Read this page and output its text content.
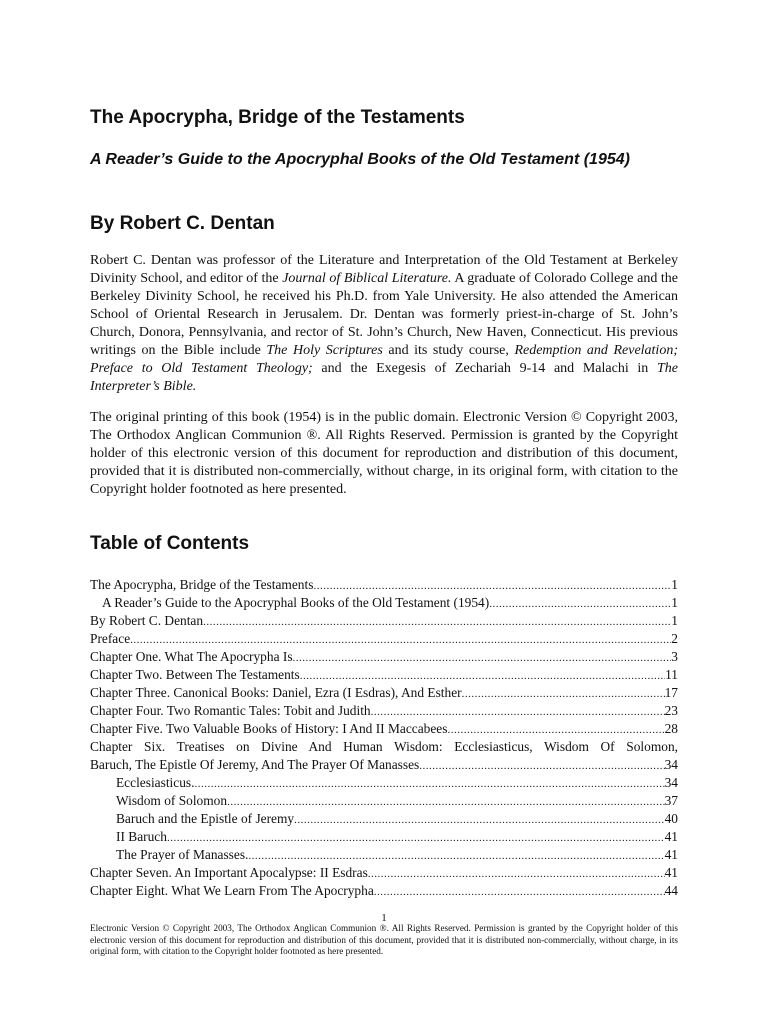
The Apocrypha, Bridge of the Testaments

A Reader’s Guide to the Apocryphal Books of the Old Testament (1954)

By Robert C. Dentan

Robert C. Dentan was professor of the Literature and Interpretation of the Old Testament at Berkeley Divinity School, and editor of the Journal of Biblical Literature. A graduate of Colorado College and the Berkeley Divinity School, he received his Ph.D. from Yale University. He also attended the American School of Oriental Research in Jerusalem. Dr. Dentan was formerly priest-in-charge of St. John’s Church, Donora, Pennsylvania, and rector of St. John’s Church, New Haven, Connecticut. His previous writings on the Bible include The Holy Scriptures and its study course, Redemption and Revelation; Preface to Old Testament Theology; and the Exegesis of Zechariah 9-14 and Malachi in The Interpreter’s Bible.

The original printing of this book (1954) is in the public domain. Electronic Version © Copyright 2003, The Orthodox Anglican Communion ®. All Rights Reserved. Permission is granted by the Copyright holder of this electronic version of this document for reproduction and distribution of this document, provided that it is distributed non-commercially, without charge, in its original form, with citation to the Copyright holder footnoted as here presented.

Table of Contents
The Apocrypha, Bridge of the Testaments .....	1
A Reader’s Guide to the Apocryphal Books of the Old Testament (1954) .....	1
By Robert C. Dentan .....	1
Preface .....	2
Chapter One. What The Apocrypha Is .....	3
Chapter Two. Between The Testaments .....	11
Chapter Three. Canonical Books: Daniel, Ezra (I Esdras), And Esther .....	17
Chapter Four. Two Romantic Tales: Tobit and Judith .....	23
Chapter Five. Two Valuable Books of History: I And II Maccabees .....	28
Chapter Six. Treatises on Divine And Human Wisdom: Ecclesiasticus, Wisdom Of Solomon,
Baruch, The Epistle Of Jeremy, And The Prayer Of Manasses .....	34
Ecclesiasticus. .....	34
Wisdom of Solomon .....	37
Baruch and the Epistle of Jeremy .....	40
II Baruch .....	41
The Prayer of Manasses. .....	41
Chapter Seven. An Important Apocalypse: II Esdras .....	41
Chapter Eight. What We Learn From The Apocrypha .....	44
1

Electronic Version © Copyright 2003, The Orthodox Anglican Communion ®. All Rights Reserved. Permission is granted by the Copyright holder of this electronic version of this document for reproduction and distribution of this document, provided that it is distributed non-commercially, without charge, in its original form, with citation to the Copyright holder footnoted as here presented.
